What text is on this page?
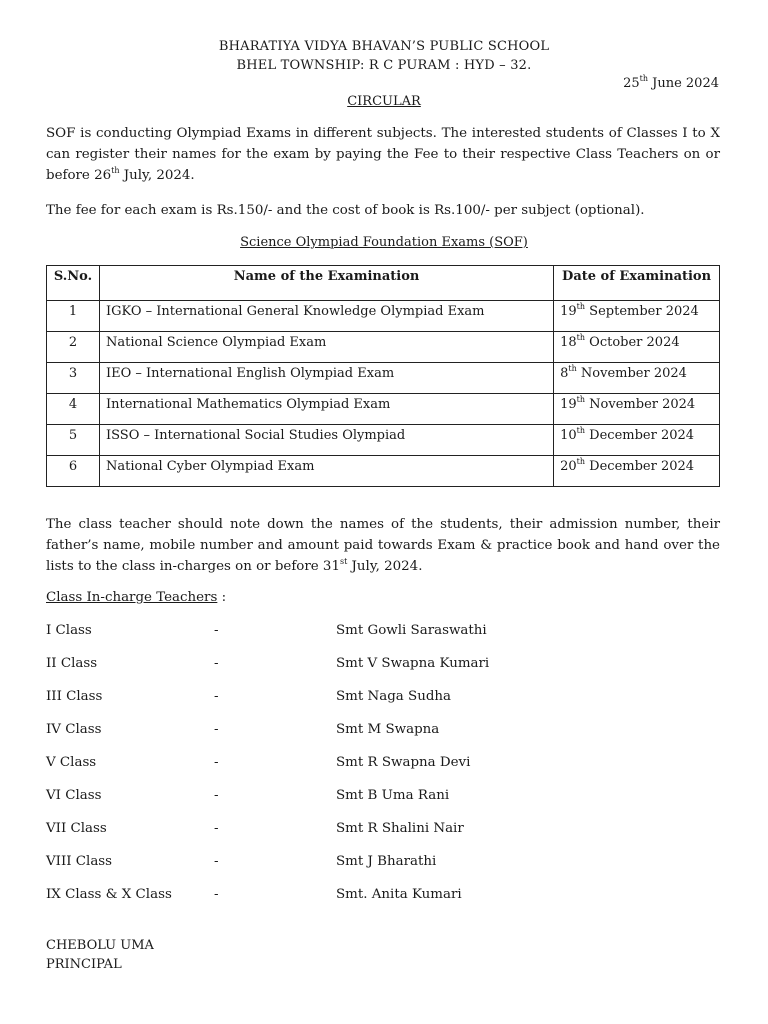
BHARATIYA VIDYA BHAVAN’S PUBLIC SCHOOL
BHEL TOWNSHIP: R C PURAM : HYD – 32.
25th June 2024
CIRCULAR
SOF is conducting Olympiad Exams in different subjects. The interested students of Classes I to X can register their names for the exam by paying the Fee to their respective Class Teachers on or before 26th July, 2024.
The fee for each exam is Rs.150/- and the cost of book is Rs.100/- per subject (optional).
Science Olympiad Foundation Exams (SOF)
S.No.	Name of the Examination	Date of Examination
1	IGKO – International General Knowledge Olympiad Exam	19th September 2024
2	National Science Olympiad Exam	18th October 2024
3	IEO – International English Olympiad Exam	8th November 2024
4	International Mathematics Olympiad Exam	19th November 2024
5	ISSO – International Social Studies Olympiad	10th December 2024
6	National Cyber Olympiad Exam	20th December 2024
The class teacher should note down the names of the students, their admission number, their father’s name, mobile number and amount paid towards Exam & practice book and hand over the lists to the class in-charges on or before 31st July, 2024.
Class In-charge Teachers :
I Class	-	Smt Gowli Saraswathi
II Class	-	Smt V Swapna Kumari
III Class	-	Smt Naga Sudha
IV Class	-	Smt M Swapna
V Class	-	Smt R Swapna Devi
VI Class	-	Smt B Uma Rani
VII Class	-	Smt R Shalini Nair
VIII Class	-	Smt J Bharathi
IX Class & X Class	-	Smt. Anita Kumari
CHEBOLU UMA
PRINCIPAL
